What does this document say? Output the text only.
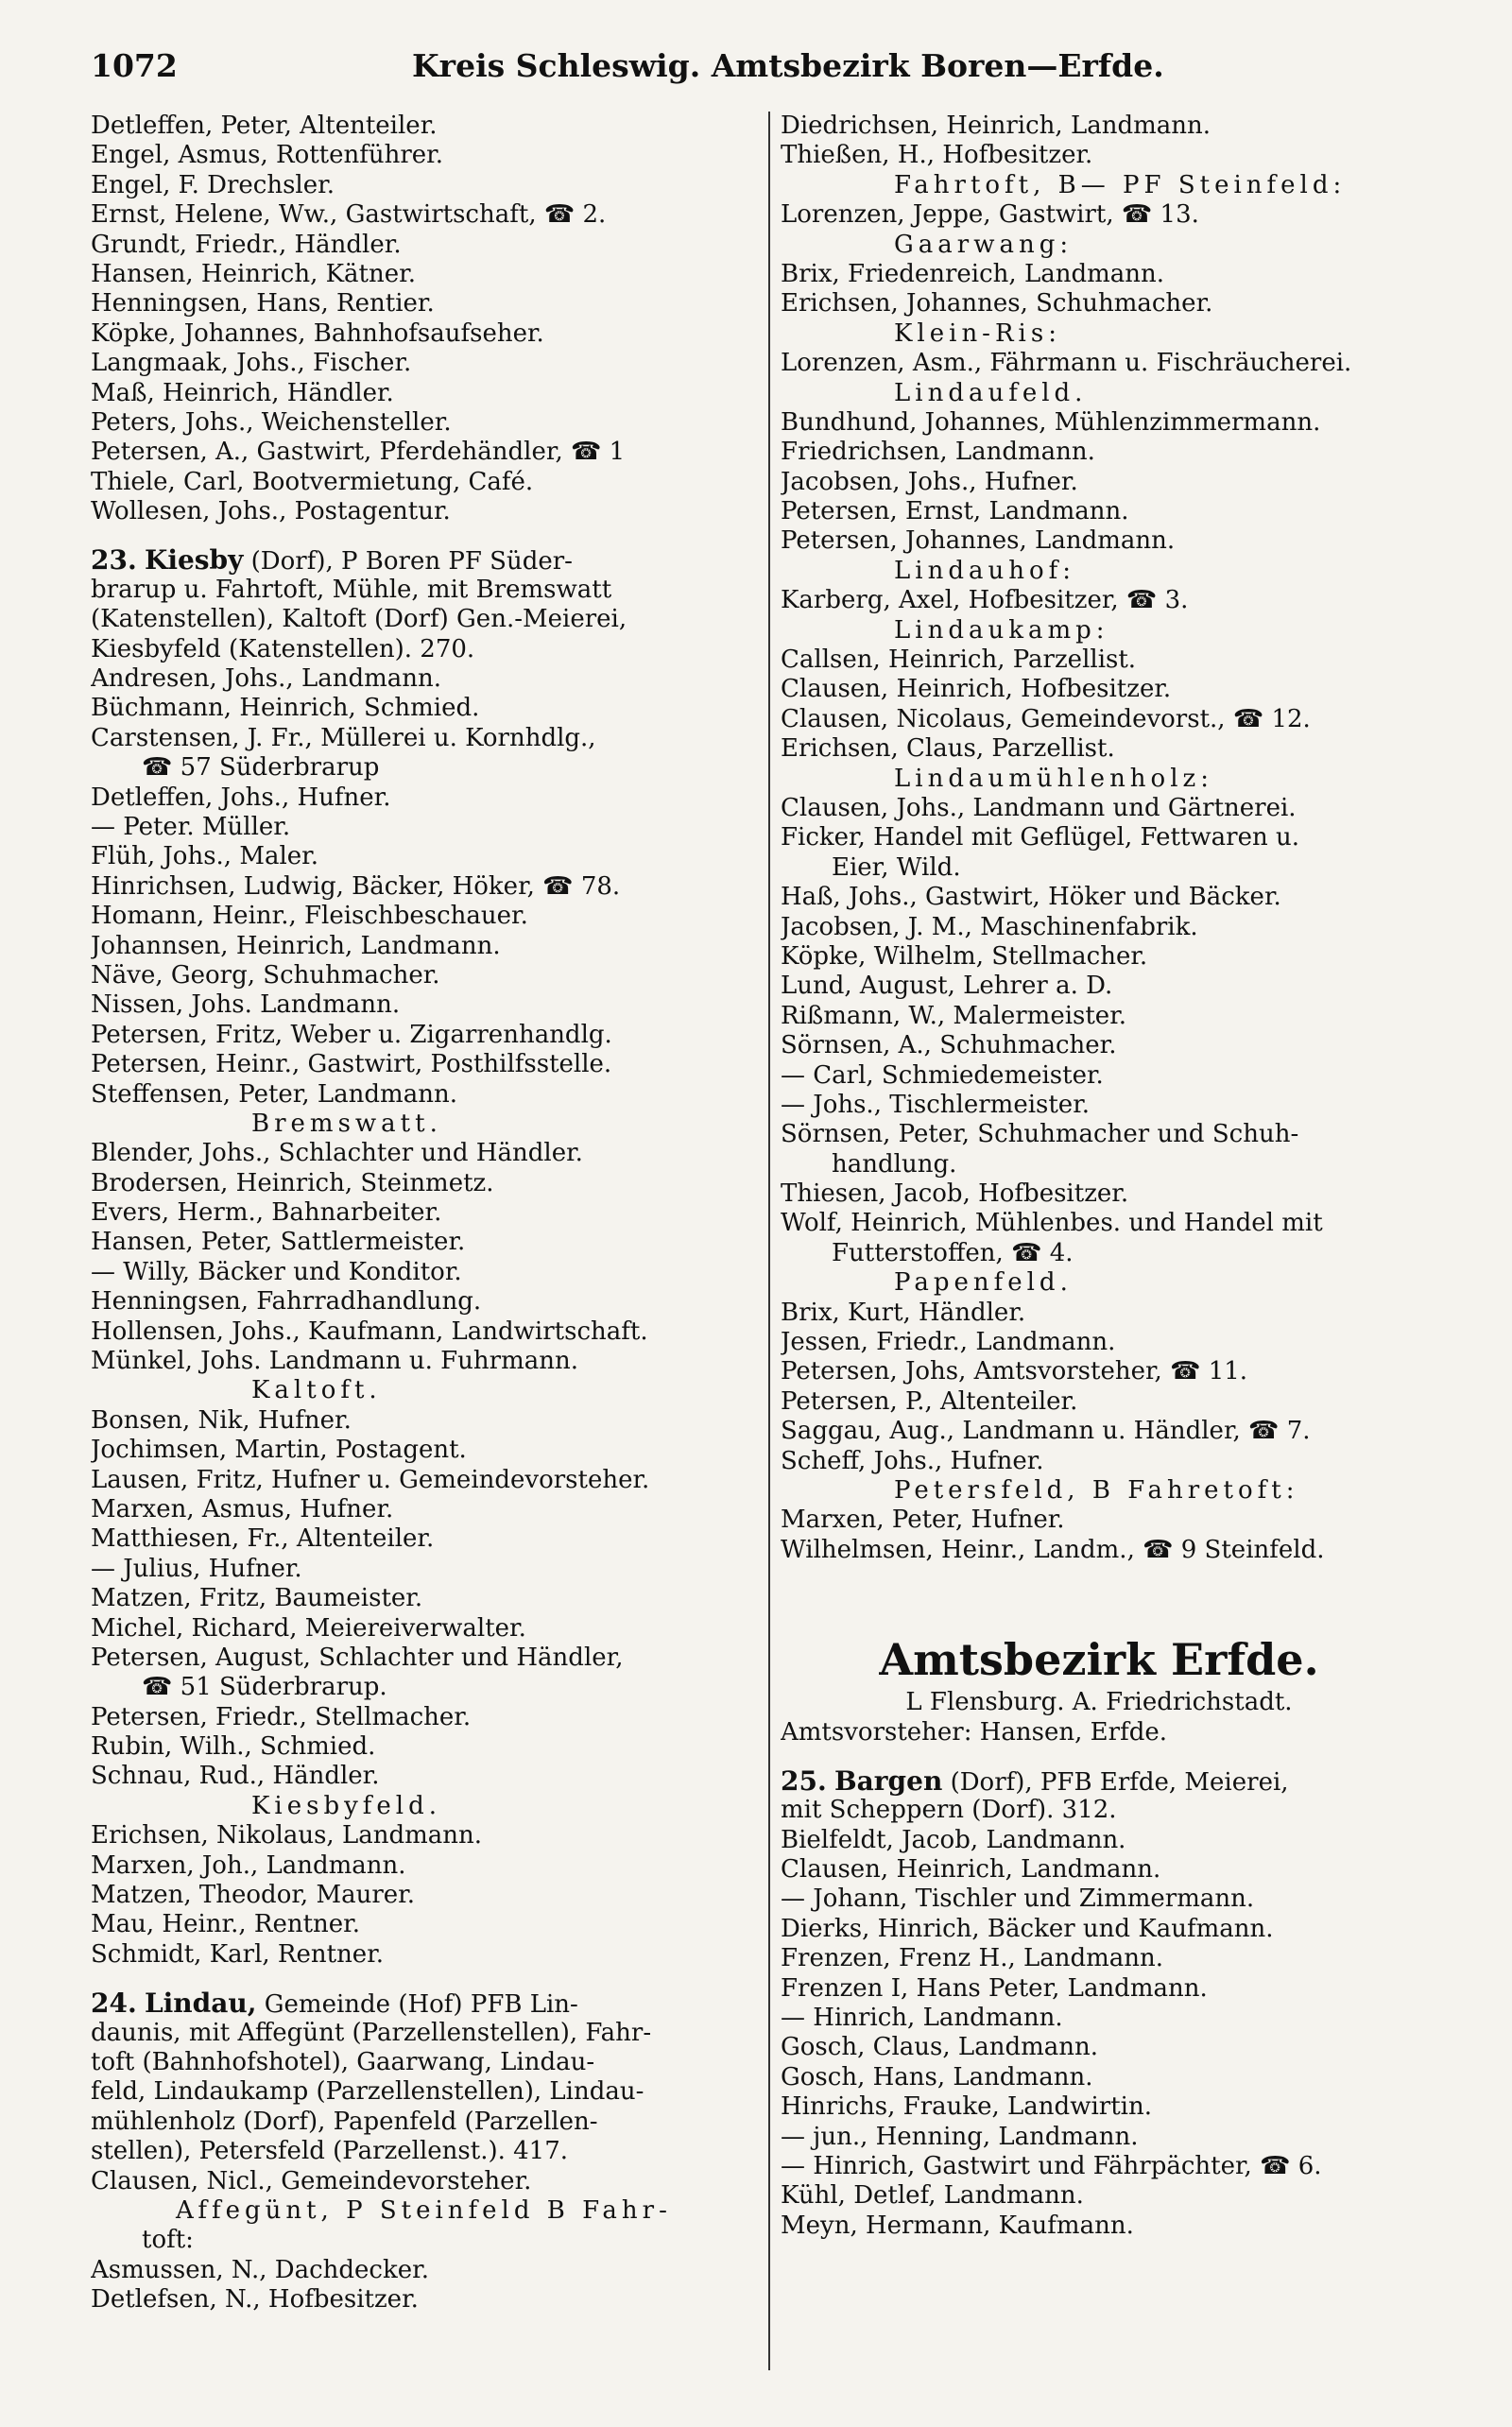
1072	Kreis Schleswig. Amtsbezirk Boren—Erfde.
Detleffen, Peter, Altenteiler.
Engel, Asmus, Rottenführer.
Engel, F. Drechsler.
Ernst, Helene, Ww., Gastwirtschaft, ☎ 2.
Grundt, Friedr., Händler.
Hansen, Heinrich, Kätner.
Henningsen, Hans, Rentier.
Köpke, Johannes, Bahnhofsaufseher.
Langmaak, Johs., Fischer.
Maß, Heinrich, Händler.
Peters, Johs., Weichensteller.
Petersen, A., Gastwirt, Pferdehändler, ☎ 1
Thiele, Carl, Bootvermietung, Café.
Wollesen, Johs., Postagentur.
23. Kiesby (Dorf), P Boren PF Süder-
brarup u. Fahrtoft, Mühle, mit Bremswatt
(Katenstellen), Kaltoft (Dorf) Gen.-Meierei,
Kiesbyfeld (Katenstellen). 270.
Andresen, Johs., Landmann.
Büchmann, Heinrich, Schmied.
Carstensen, J. Fr., Müllerei u. Kornhdlg.,
☎ 57 Süderbrarup
Detleffen, Johs., Hufner.
— Peter. Müller.
Flüh, Johs., Maler.
Hinrichsen, Ludwig, Bäcker, Höker, ☎ 78.
Homann, Heinr., Fleischbeschauer.
Johannsen, Heinrich, Landmann.
Näve, Georg, Schuhmacher.
Nissen, Johs. Landmann.
Petersen, Fritz, Weber u. Zigarrenhandlg.
Petersen, Heinr., Gastwirt, Posthilfsstelle.
Steffensen, Peter, Landmann.
Bremswatt.
Blender, Johs., Schlachter und Händler.
Brodersen, Heinrich, Steinmetz.
Evers, Herm., Bahnarbeiter.
Hansen, Peter, Sattlermeister.
— Willy, Bäcker und Konditor.
Henningsen, Fahrradhandlung.
Hollensen, Johs., Kaufmann, Landwirtschaft.
Münkel, Johs. Landmann u. Fuhrmann.
Kaltoft.
Bonsen, Nik, Hufner.
Jochimsen, Martin, Postagent.
Lausen, Fritz, Hufner u. Gemeindevorsteher.
Marxen, Asmus, Hufner.
Matthiesen, Fr., Altenteiler.
— Julius, Hufner.
Matzen, Fritz, Baumeister.
Michel, Richard, Meiereiverwalter.
Petersen, August, Schlachter und Händler,
☎ 51 Süderbrarup.
Petersen, Friedr., Stellmacher.
Rubin, Wilh., Schmied.
Schnau, Rud., Händler.
Kiesbyfeld.
Erichsen, Nikolaus, Landmann.
Marxen, Joh., Landmann.
Matzen, Theodor, Maurer.
Mau, Heinr., Rentner.
Schmidt, Karl, Rentner.
24. Lindau, Gemeinde (Hof) PFB Lin-
daunis, mit Affegünt (Parzellenstellen), Fahr-
toft (Bahnhofshotel), Gaarwang, Lindau-
feld, Lindaukamp (Parzellenstellen), Lindau-
mühlenholz (Dorf), Papenfeld (Parzellen-
stellen), Petersfeld (Parzellenst.). 417.
Clausen, Nicl., Gemeindevorsteher.
Affegünt, P Steinfeld B Fahr-
toft:
Asmussen, N., Dachdecker.
Detlefsen, N., Hofbesitzer.
Diedrichsen, Heinrich, Landmann.
Thießen, H., Hofbesitzer.
Fahrtoft, B— PF Steinfeld:
Lorenzen, Jeppe, Gastwirt, ☎ 13.
Gaarwang:
Brix, Friedenreich, Landmann.
Erichsen, Johannes, Schuhmacher.
Klein-Ris:
Lorenzen, Asm., Fährmann u. Fischräucherei.
Lindaufeld.
Bundhund, Johannes, Mühlenzimmermann.
Friedrichsen, Landmann.
Jacobsen, Johs., Hufner.
Petersen, Ernst, Landmann.
Petersen, Johannes, Landmann.
Lindauhof:
Karberg, Axel, Hofbesitzer, ☎ 3.
Lindaukamp:
Callsen, Heinrich, Parzellist.
Clausen, Heinrich, Hofbesitzer.
Clausen, Nicolaus, Gemeindevorst., ☎ 12.
Erichsen, Claus, Parzellist.
Lindaumühlenholz:
Clausen, Johs., Landmann und Gärtnerei.
Ficker, Handel mit Geflügel, Fettwaren u.
Eier, Wild.
Haß, Johs., Gastwirt, Höker und Bäcker.
Jacobsen, J. M., Maschinenfabrik.
Köpke, Wilhelm, Stellmacher.
Lund, August, Lehrer a. D.
Rißmann, W., Malermeister.
Sörnsen, A., Schuhmacher.
— Carl, Schmiedemeister.
— Johs., Tischlermeister.
Sörnsen, Peter, Schuhmacher und Schuh-
handlung.
Thiesen, Jacob, Hofbesitzer.
Wolf, Heinrich, Mühlenbes. und Handel mit
Futterstoffen, ☎ 4.
Papenfeld.
Brix, Kurt, Händler.
Jessen, Friedr., Landmann.
Petersen, Johs, Amtsvorsteher, ☎ 11.
Petersen, P., Altenteiler.
Saggau, Aug., Landmann u. Händler, ☎ 7.
Scheff, Johs., Hufner.
Petersfeld, B Fahretoft:
Marxen, Peter, Hufner.
Wilhelmsen, Heinr., Landm., ☎ 9 Steinfeld.
Amtsbezirk Erfde.
L Flensburg. A. Friedrichstadt.
Amtsvorsteher: Hansen, Erfde.
25. Bargen (Dorf), PFB Erfde, Meierei,
mit Scheppern (Dorf). 312.
Bielfeldt, Jacob, Landmann.
Clausen, Heinrich, Landmann.
— Johann, Tischler und Zimmermann.
Dierks, Hinrich, Bäcker und Kaufmann.
Frenzen, Frenz H., Landmann.
Frenzen I, Hans Peter, Landmann.
— Hinrich, Landmann.
Gosch, Claus, Landmann.
Gosch, Hans, Landmann.
Hinrichs, Frauke, Landwirtin.
— jun., Henning, Landmann.
— Hinrich, Gastwirt und Fährpächter, ☎ 6.
Kühl, Detlef, Landmann.
Meyn, Hermann, Kaufmann.
